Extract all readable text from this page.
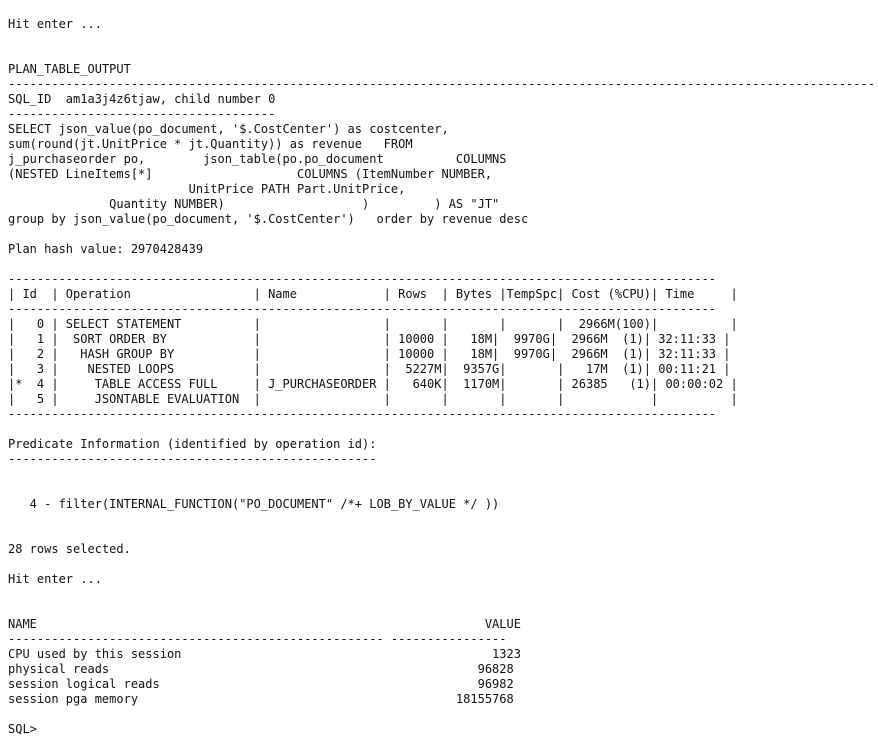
Hit enter ...
PLAN_TABLE_OUTPUT
------------------------------------------------------------------------------------------------------------------------
SQL_ID  am1a3j4z6tjaw, child number 0
-------------------------------------
SELECT json_value(po_document, '$.CostCenter') as costcenter,
sum(round(jt.UnitPrice * jt.Quantity)) as revenue   FROM
j_purchaseorder po,        json_table(po.po_document          COLUMNS
(NESTED LineItems[*]                    COLUMNS (ItemNumber NUMBER,
UnitPrice PATH Part.UnitPrice,
Quantity NUMBER)                   )         ) AS "JT"
group by json_value(po_document, '$.CostCenter')   order by revenue desc
Plan hash value: 2970428439
--------------------------------------------------------------------------------------------------
| Id  | Operation                 | Name            | Rows  | Bytes |TempSpc| Cost (%CPU)| Time     |
--------------------------------------------------------------------------------------------------
|   0 | SELECT STATEMENT          |                 |       |       |       |  2966M(100)|          |
|   1 |  SORT ORDER BY            |                 | 10000 |   18M|  9970G|  2966M  (1)| 32:11:33 |
|   2 |   HASH GROUP BY           |                 | 10000 |   18M|  9970G|  2966M  (1)| 32:11:33 |
|   3 |    NESTED LOOPS           |                 |  5227M|  9357G|       |   17M  (1)| 00:11:21 |
|*  4 |     TABLE ACCESS FULL     | J_PURCHASEORDER |   640K|  1170M|       | 26385   (1)| 00:00:02 |
|   5 |     JSONTABLE EVALUATION  |                 |       |       |       |            |          |
--------------------------------------------------------------------------------------------------
Predicate Information (identified by operation id):
---------------------------------------------------
4 - filter(INTERNAL_FUNCTION("PO_DOCUMENT" /*+ LOB_BY_VALUE */ ))
28 rows selected.
Hit enter ...
NAME                                                              VALUE
---------------------------------------------------- ----------------
CPU used by this session                                           1323
physical reads                                                   96828
session logical reads                                            96982
session pga memory                                            18155768
SQL>
